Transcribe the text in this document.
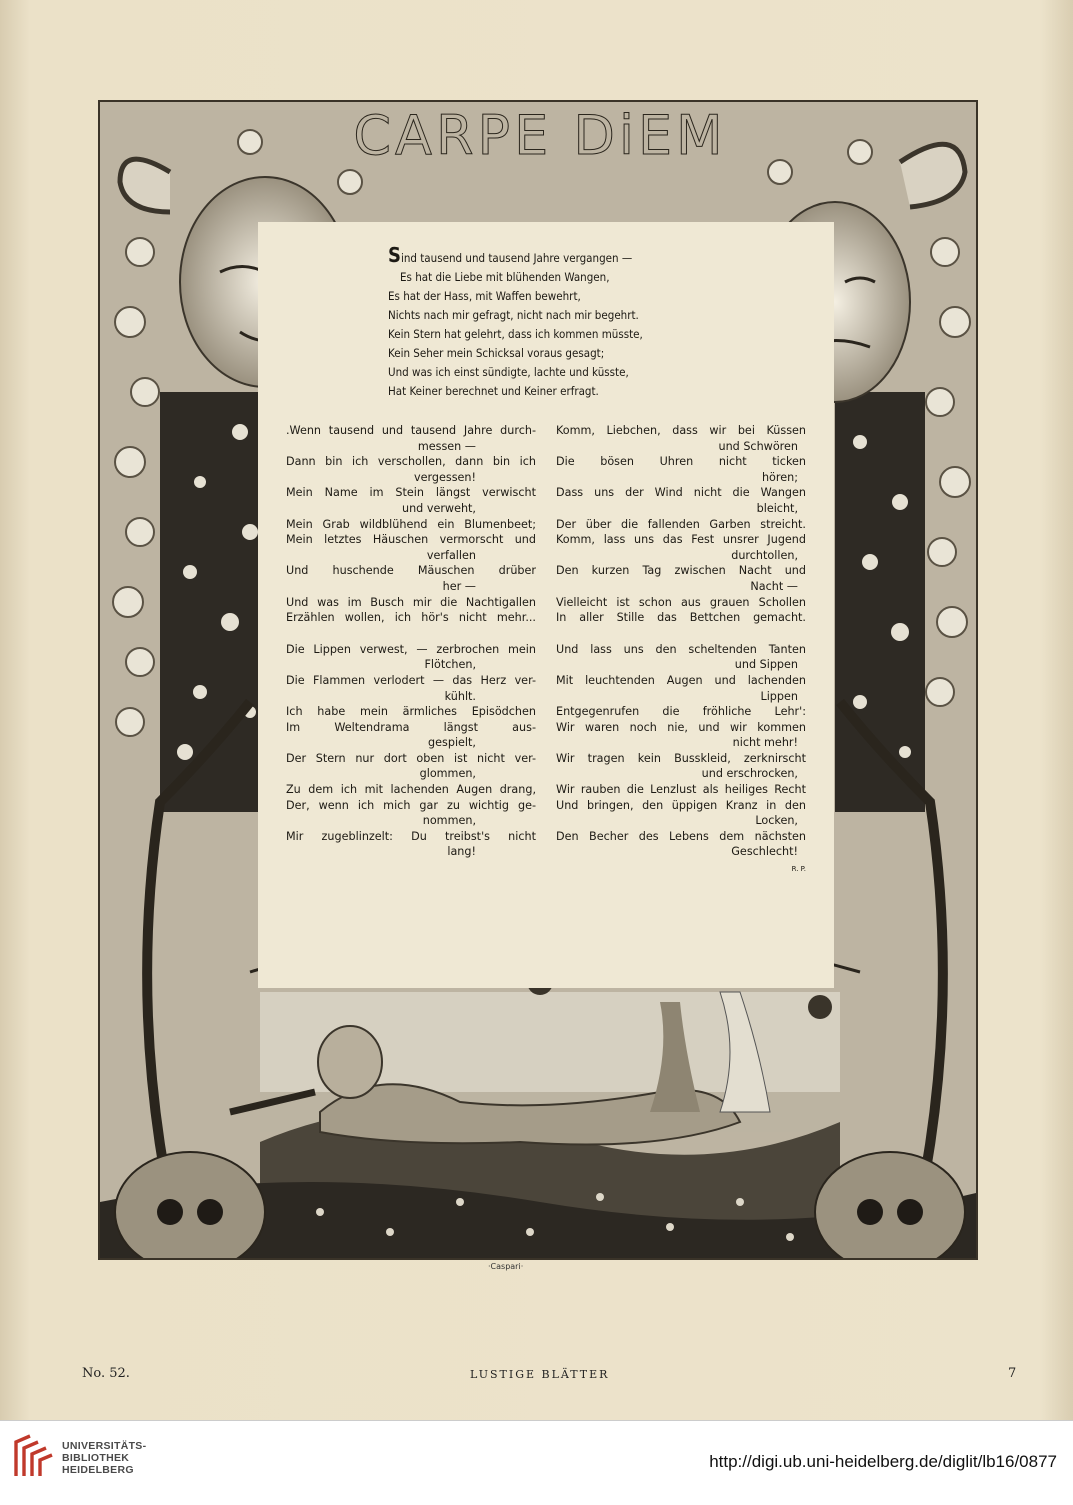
CARPE DiEM
Sind tausend und tausend Jahre vergangen —
Es hat die Liebe mit blühenden Wangen,
Es hat der Hass, mit Waffen bewehrt,
Nichts nach mir gefragt, nicht nach mir begehrt.
Kein Stern hat gelehrt, dass ich kommen müsste,
Kein Seher mein Schicksal voraus gesagt;
Und was ich einst sündigte, lachte und küsste,
Hat Keiner berechnet und Keiner erfragt.

.Wenn tausend und tausend Jahre durch-

messen —

Dann bin ich verschollen, dann bin ich

vergessen!

Mein Name im Stein längst verwischt

und verweht,

Mein Grab wildblühend ein Blumenbeet;

Mein letztes Häuschen vermorscht und

verfallen

Und huschende Mäuschen drüber

her —

Und was im Busch mir die Nachtigallen

Erzählen wollen, ich hör's nicht mehr...

Die Lippen verwest, — zerbrochen mein

Flötchen,

Die Flammen verlodert — das Herz ver-

kühlt.

Ich habe mein ärmliches Episödchen

Im Weltendrama längst aus-

gespielt,

Der Stern nur dort oben ist nicht ver-

glommen,

Zu dem ich mit lachenden Augen drang,

Der, wenn ich mich gar zu wichtig ge-

nommen,

Mir zugeblinzelt: Du treibst's nicht

lang!

Komm, Liebchen, dass wir bei Küssen

und Schwören

Die bösen Uhren nicht ticken

hören;

Dass uns der Wind nicht die Wangen

bleicht,

Der über die fallenden Garben streicht.

Komm, lass uns das Fest unsrer Jugend

durchtollen,

Den kurzen Tag zwischen Nacht und

Nacht —

Vielleicht ist schon aus grauen Schollen

In aller Stille das Bettchen gemacht.

Und lass uns den scheltenden Tanten

und Sippen

Mit leuchtenden Augen und lachenden

Lippen

Entgegenrufen die fröhliche Lehr':

Wir waren noch nie, und wir kommen

nicht mehr!

Wir tragen kein Busskleid, zerknirscht

und erschrocken,

Wir rauben die Lenzlust als heiliges Recht

Und bringen, den üppigen Kranz in den

Locken,

Den Becher des Lebens dem nächsten

Geschlecht!

R. P.
·Caspari·
No. 52.	LUSTIGE BLÄTTER	7
UNIVERSITÄTS-
BIBLIOTHEK
HEIDELBERG	http://digi.ub.uni-heidelberg.de/diglit/lb16/0877
